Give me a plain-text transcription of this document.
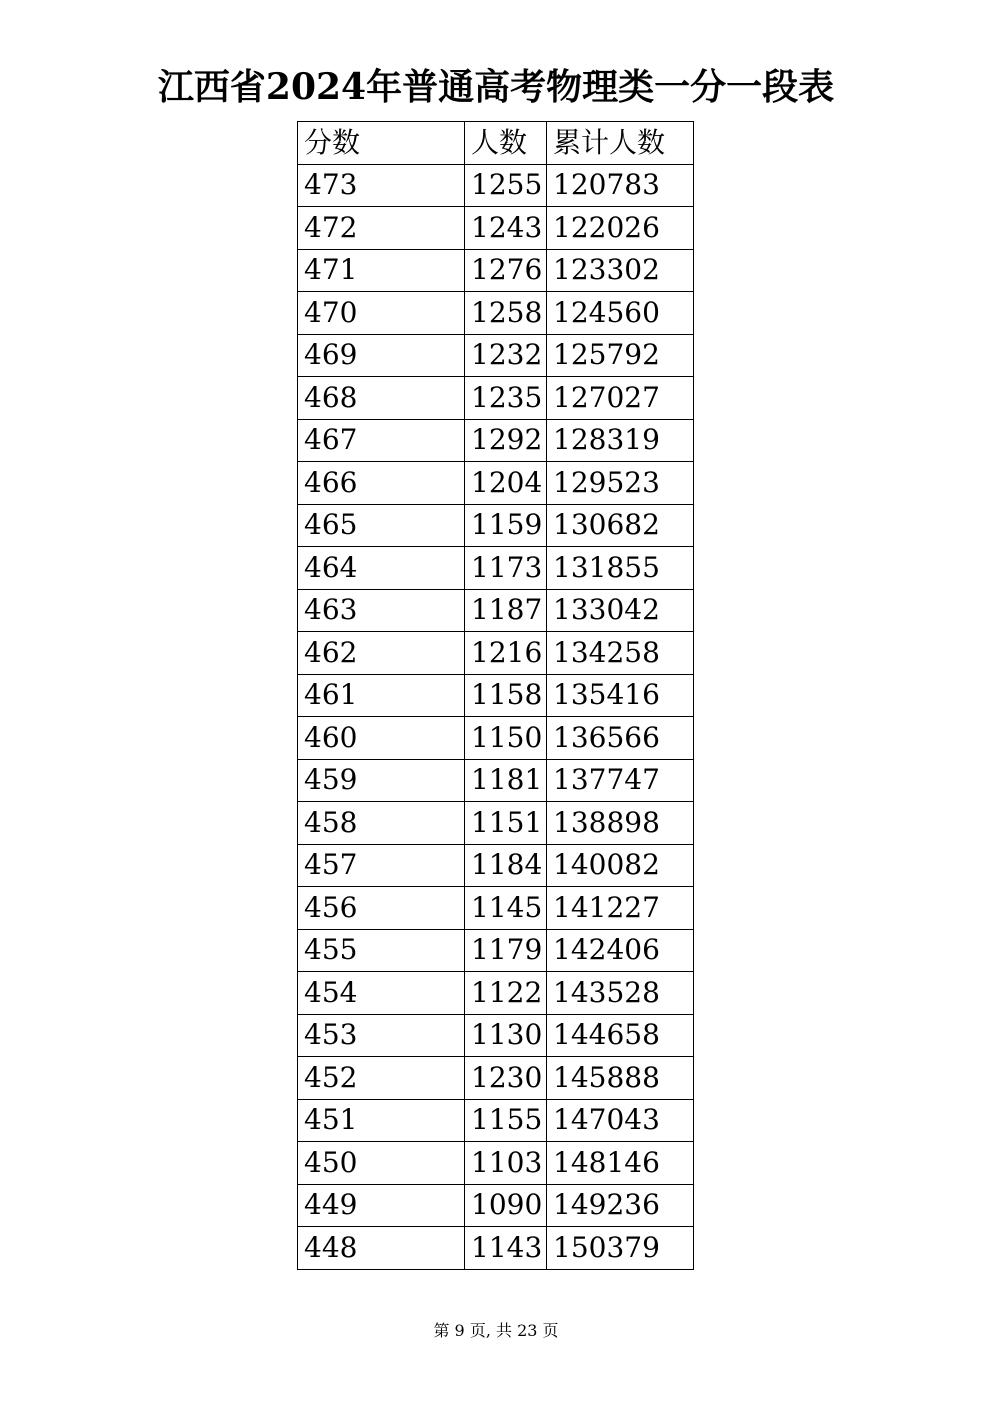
江西省2024年普通高考物理类一分一段表
分数	人数	累计人数
473	1255	120783
472	1243	122026
471	1276	123302
470	1258	124560
469	1232	125792
468	1235	127027
467	1292	128319
466	1204	129523
465	1159	130682
464	1173	131855
463	1187	133042
462	1216	134258
461	1158	135416
460	1150	136566
459	1181	137747
458	1151	138898
457	1184	140082
456	1145	141227
455	1179	142406
454	1122	143528
453	1130	144658
452	1230	145888
451	1155	147043
450	1103	148146
449	1090	149236
448	1143	150379
第 9 页, 共 23 页
